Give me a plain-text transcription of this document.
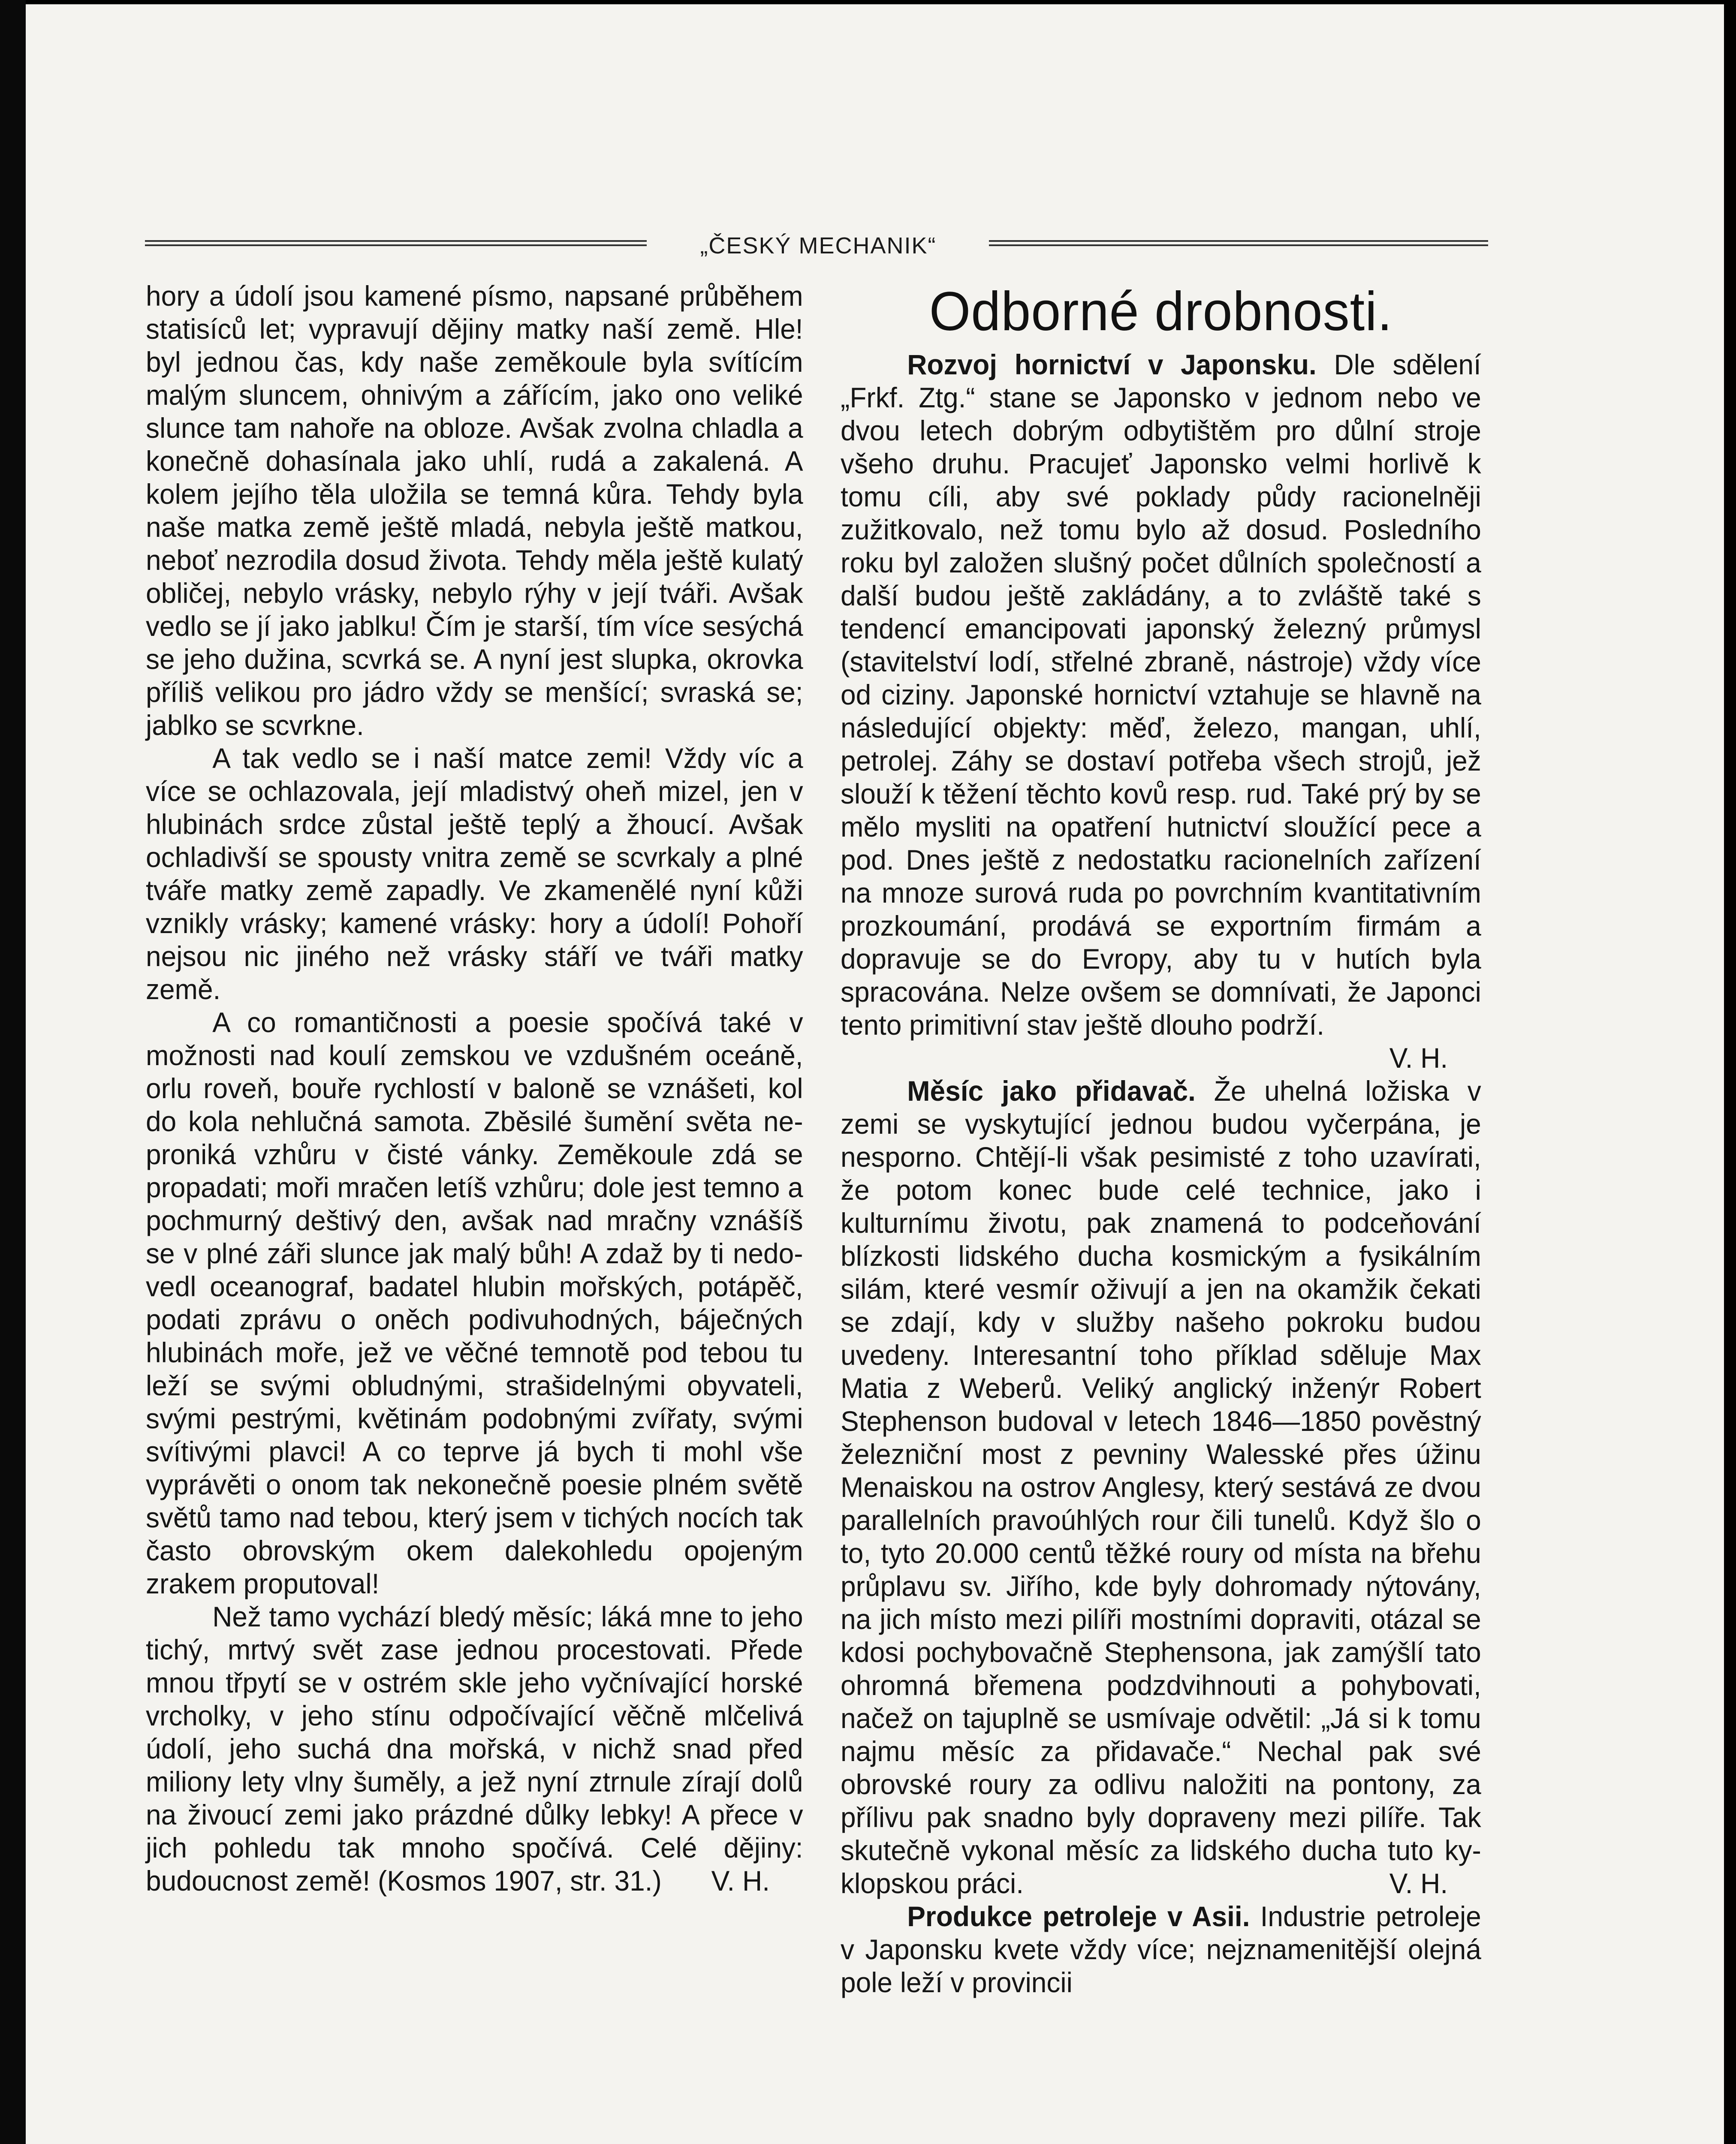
„ČESKÝ MECHANIK“

hory a údolí jsou kamené písmo, napsané průběhem statisíců let; vypravují dějiny matky naší země. Hle! byl jednou čas, kdy naše zeměkoule byla svítícím malým sluncem, ohnivým a zářícím, jako ono veliké slunce tam nahoře na obloze. Avšak zvolna chladla a konečně dohasínala jako uhlí, rudá a zakalená. A kolem jejího těla uložila se temná kůra. Tehdy byla naše matka země ještě mladá, nebyla ještě matkou, neboť nezrodila dosud života. Tehdy měla ještě kulatý obličej, nebylo vrásky, nebylo rýhy v její tváři. Avšak vedlo se jí jako jablku! Čím je starší, tím více sesýchá se jeho dužina, scvrká se. A nyní jest slupka, okrovka příliš velikou pro jádro vždy se menšící; svraská se; jablko se scvrkne.

A tak vedlo se i naší matce zemi! Vždy víc a více se ochlazovala, její mladistvý oheň mizel, jen v hlubinách srdce zůstal ještě teplý a žhoucí. Avšak ochladivší se spousty vnitra země se scvrkaly a plné tváře matky země zapadly. Ve zkamenělé nyní kůži vznikly vrásky; kamené vrásky: hory a údolí! Pohoří nejsou nic jiného než vrásky stáří ve tváři matky země.

A co romantičnosti a poesie spočívá také v možnosti nad koulí zemskou ve vzdušném oceáně, orlu roveň, bouře rychlostí v baloně se vznášeti, kol do kola nehlučná samota. Zběsilé šumění světa neproniká vzhůru v čisté vánky. Zeměkoule zdá se propadati; moři mračen letíš vzhůru; dole jest temno a pochmurný deštivý den, avšak nad mračny vznášíš se v plné záři slunce jak malý bůh! A zdaž by ti nedovedl oceanograf, badatel hlubin mořských, potápěč, podati zprávu o oněch podivuhodných, báječných hlubinách moře, jež ve věčné temnotě pod tebou tu leží se svými obludnými, strašidelnými obyvateli, svými pestrými, květinám podobnými zvířaty, svými svítivými plavci! A co teprve já bych ti mohl vše vyprávěti o onom tak nekonečně poesie plném světě světů tamo nad tebou, který jsem v tichých nocích tak často obrovským okem dalekohledu opojeným zrakem proputoval!

Než tamo vychází bledý měsíc; láká mne to jeho tichý, mrtvý svět zase jednou procestovati. Přede mnou třpytí se v ostrém skle jeho vyčnívající horské vrcholky, v jeho stínu odpočívající věčně mlčelivá údolí, jeho suchá dna mořská, v nichž snad před miliony lety vlny šuměly, a jež nyní ztrnule zírají dolů na živoucí zemi jako prázdné důlky lebky! A přece v jich pohledu tak mnoho spočívá. Celé dějiny: budoucnost země! (Kosmos 1907, str. 31.)	V. H.
Odborné drobnosti.

Rozvoj hornictví v Japonsku. Dle sdělení „Frkf. Ztg.“ stane se Japonsko v jednom nebo ve dvou letech dobrým odbytištěm pro důlní stroje všeho druhu. Pracujeť Japonsko velmi horlivě k tomu cíli, aby své poklady půdy racionelněji zužitkovalo, než tomu bylo až dosud. Posledního roku byl založen slušný počet důlních společností a další budou ještě zakládány, a to zvláště také s tendencí emancipovati japonský železný průmysl (stavitelství lodí, střelné zbraně, nástroje) vždy více od ciziny. Japonské hornictví vztahuje se hlavně na následující objekty: měď, železo, mangan, uhlí, petrolej. Záhy se dostaví potřeba všech strojů, jež slouží k těžení těchto kovů resp. rud. Také prý by se mělo mysliti na opatření hutnictví sloužící pece a pod. Dnes ještě z nedostatku racionelních zařízení na mnoze surová ruda po povrchním kvantitativním prozkoumání, prodává se exportním firmám a dopravuje se do Evropy, aby tu v hutích byla spracována. Nelze ovšem se domnívati, že Japonci tento primitivní stav ještě dlouho podrží.
V. H.

Měsíc jako přidavač. Že uhelná ložiska v zemi se vyskytující jednou budou vyčerpána, je nesporno. Chtějí-li však pesimisté z toho uzavírati, že potom konec bude celé technice, jako i kulturnímu životu, pak znamená to podceňování blízkosti lidského ducha kosmickým a fysikálním silám, které vesmír oživují a jen na okamžik čekati se zdají, kdy v služby našeho pokroku budou uvedeny. Interesantní toho příklad sděluje Max Matia z Weberů. Veliký anglický inženýr Robert Stephenson budoval v letech 1846—1850 pověstný železniční most z pevniny Walesské přes úžinu Menaiskou na ostrov Anglesy, který sestává ze dvou parallelních pravoúhlých rour čili tunelů. Když šlo o to, tyto 20.000 centů těžké roury od místa na břehu průplavu sv. Jiřího, kde byly dohromady nýtovány, na jich místo mezi pilíři mostními dopraviti, otázal se kdosi pochybovačně Stephensona, jak zamýšlí tato ohromná břemena podzdvihnouti a pohybovati, načež on tajuplně se usmívaje odvětil: „Já si k tomu najmu měsíc za přidavače.“ Nechal pak své obrovské roury za odlivu naložiti na pontony, za přílivu pak snadno byly dopraveny mezi pilíře. Tak skutečně vykonal měsíc za lidského ducha tuto kyklopskou práci.	V. H.

Produkce petroleje v Asii. Industrie petroleje v Japonsku kvete vždy více; nejznamenitější olejná pole leží v provincii
